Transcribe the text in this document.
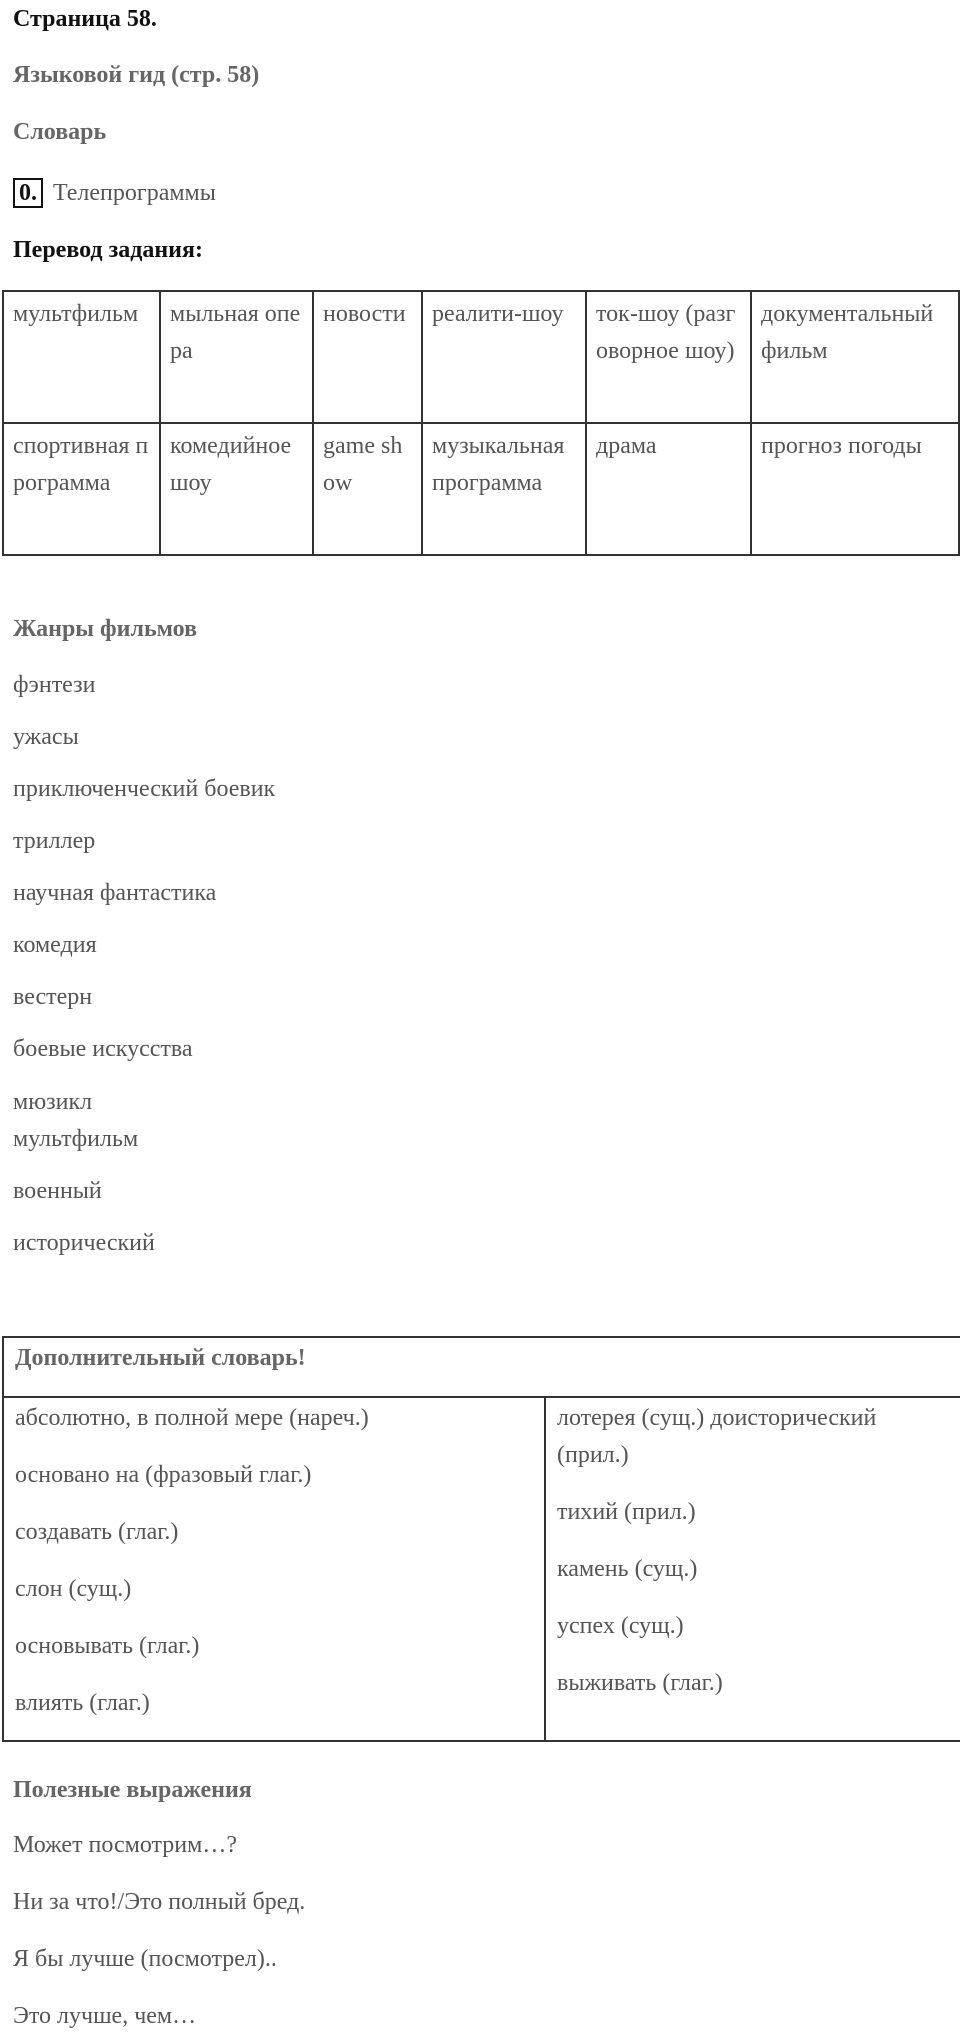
Страница 58.
Языковой гид (стр. 58)
Словарь
0. Телепрограммы
Перевод задания:
мультфильм	мыльная опера	новости	реалити-шоу	ток-шоу (разговорное шоу)	документальный фильм
спортивная программа	комедийное шоу	game show	музыкальная программа	драма	прогноз погоды
Жанры фильмов
фэнтези
ужасы
приключенческий боевик
триллер
научная фантастика
комедия
вестерн
боевые искусства
мюзикл
мультфильм
военный
исторический
Дополнительный словарь!

абсолютно, в полной мере (нареч.)

основано на (фразовый глаг.)

создавать (глаг.)

слон (сущ.)

основывать (глаг.)

влиять (глаг.)

лотерея (сущ.) доисторический (прил.)

тихий (прил.)

камень (сущ.)

успех (сущ.)

выживать (глаг.)

Полезные выражения
Может посмотрим…?
Ни за что!/Это полный бред.
Я бы лучше (посмотрел)..
Это лучше, чем…
